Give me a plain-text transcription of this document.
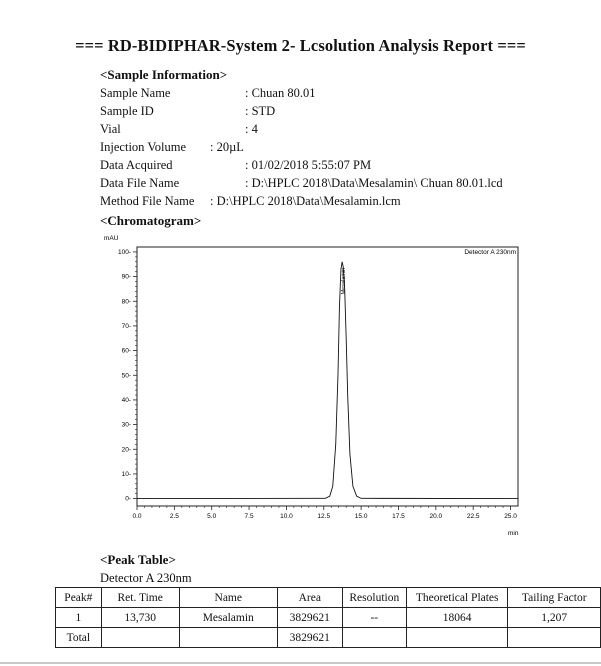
=== RD-BIDIPHAR-System 2- Lcsolution Analysis Report ===
<Sample Information>
Sample Name	: Chuan 80.01
Sample ID	: STD
Vial	: 4
Injection Volume : 20µL
Data Acquired	: 01/02/2018 5:55:07 PM
Data File Name	: D:\HPLC 2018\Data\Mesalamin\ Chuan 80.01.lcd
Method File Name : D:\HPLC 2018\Data\Mesalamin.lcm
<Chromatogram>
0-
10-
20-
30-
40-
50-
60-
70-
80-
90-
100-
0.0	2.5	5.0	7.5	10.0	12.5	15.0	17.5	20.0	22.5	25.0
mAU
min
Detector A 230nm
Mesalamin
<Peak Table>
Detector A 230nm
Peak#	Ret. Time	Name	Area	Resolution	Theoretical Plates	Tailing Factor
1	13,730	Mesalamin	3829621	--	18064	1,207
Total			3829621			
